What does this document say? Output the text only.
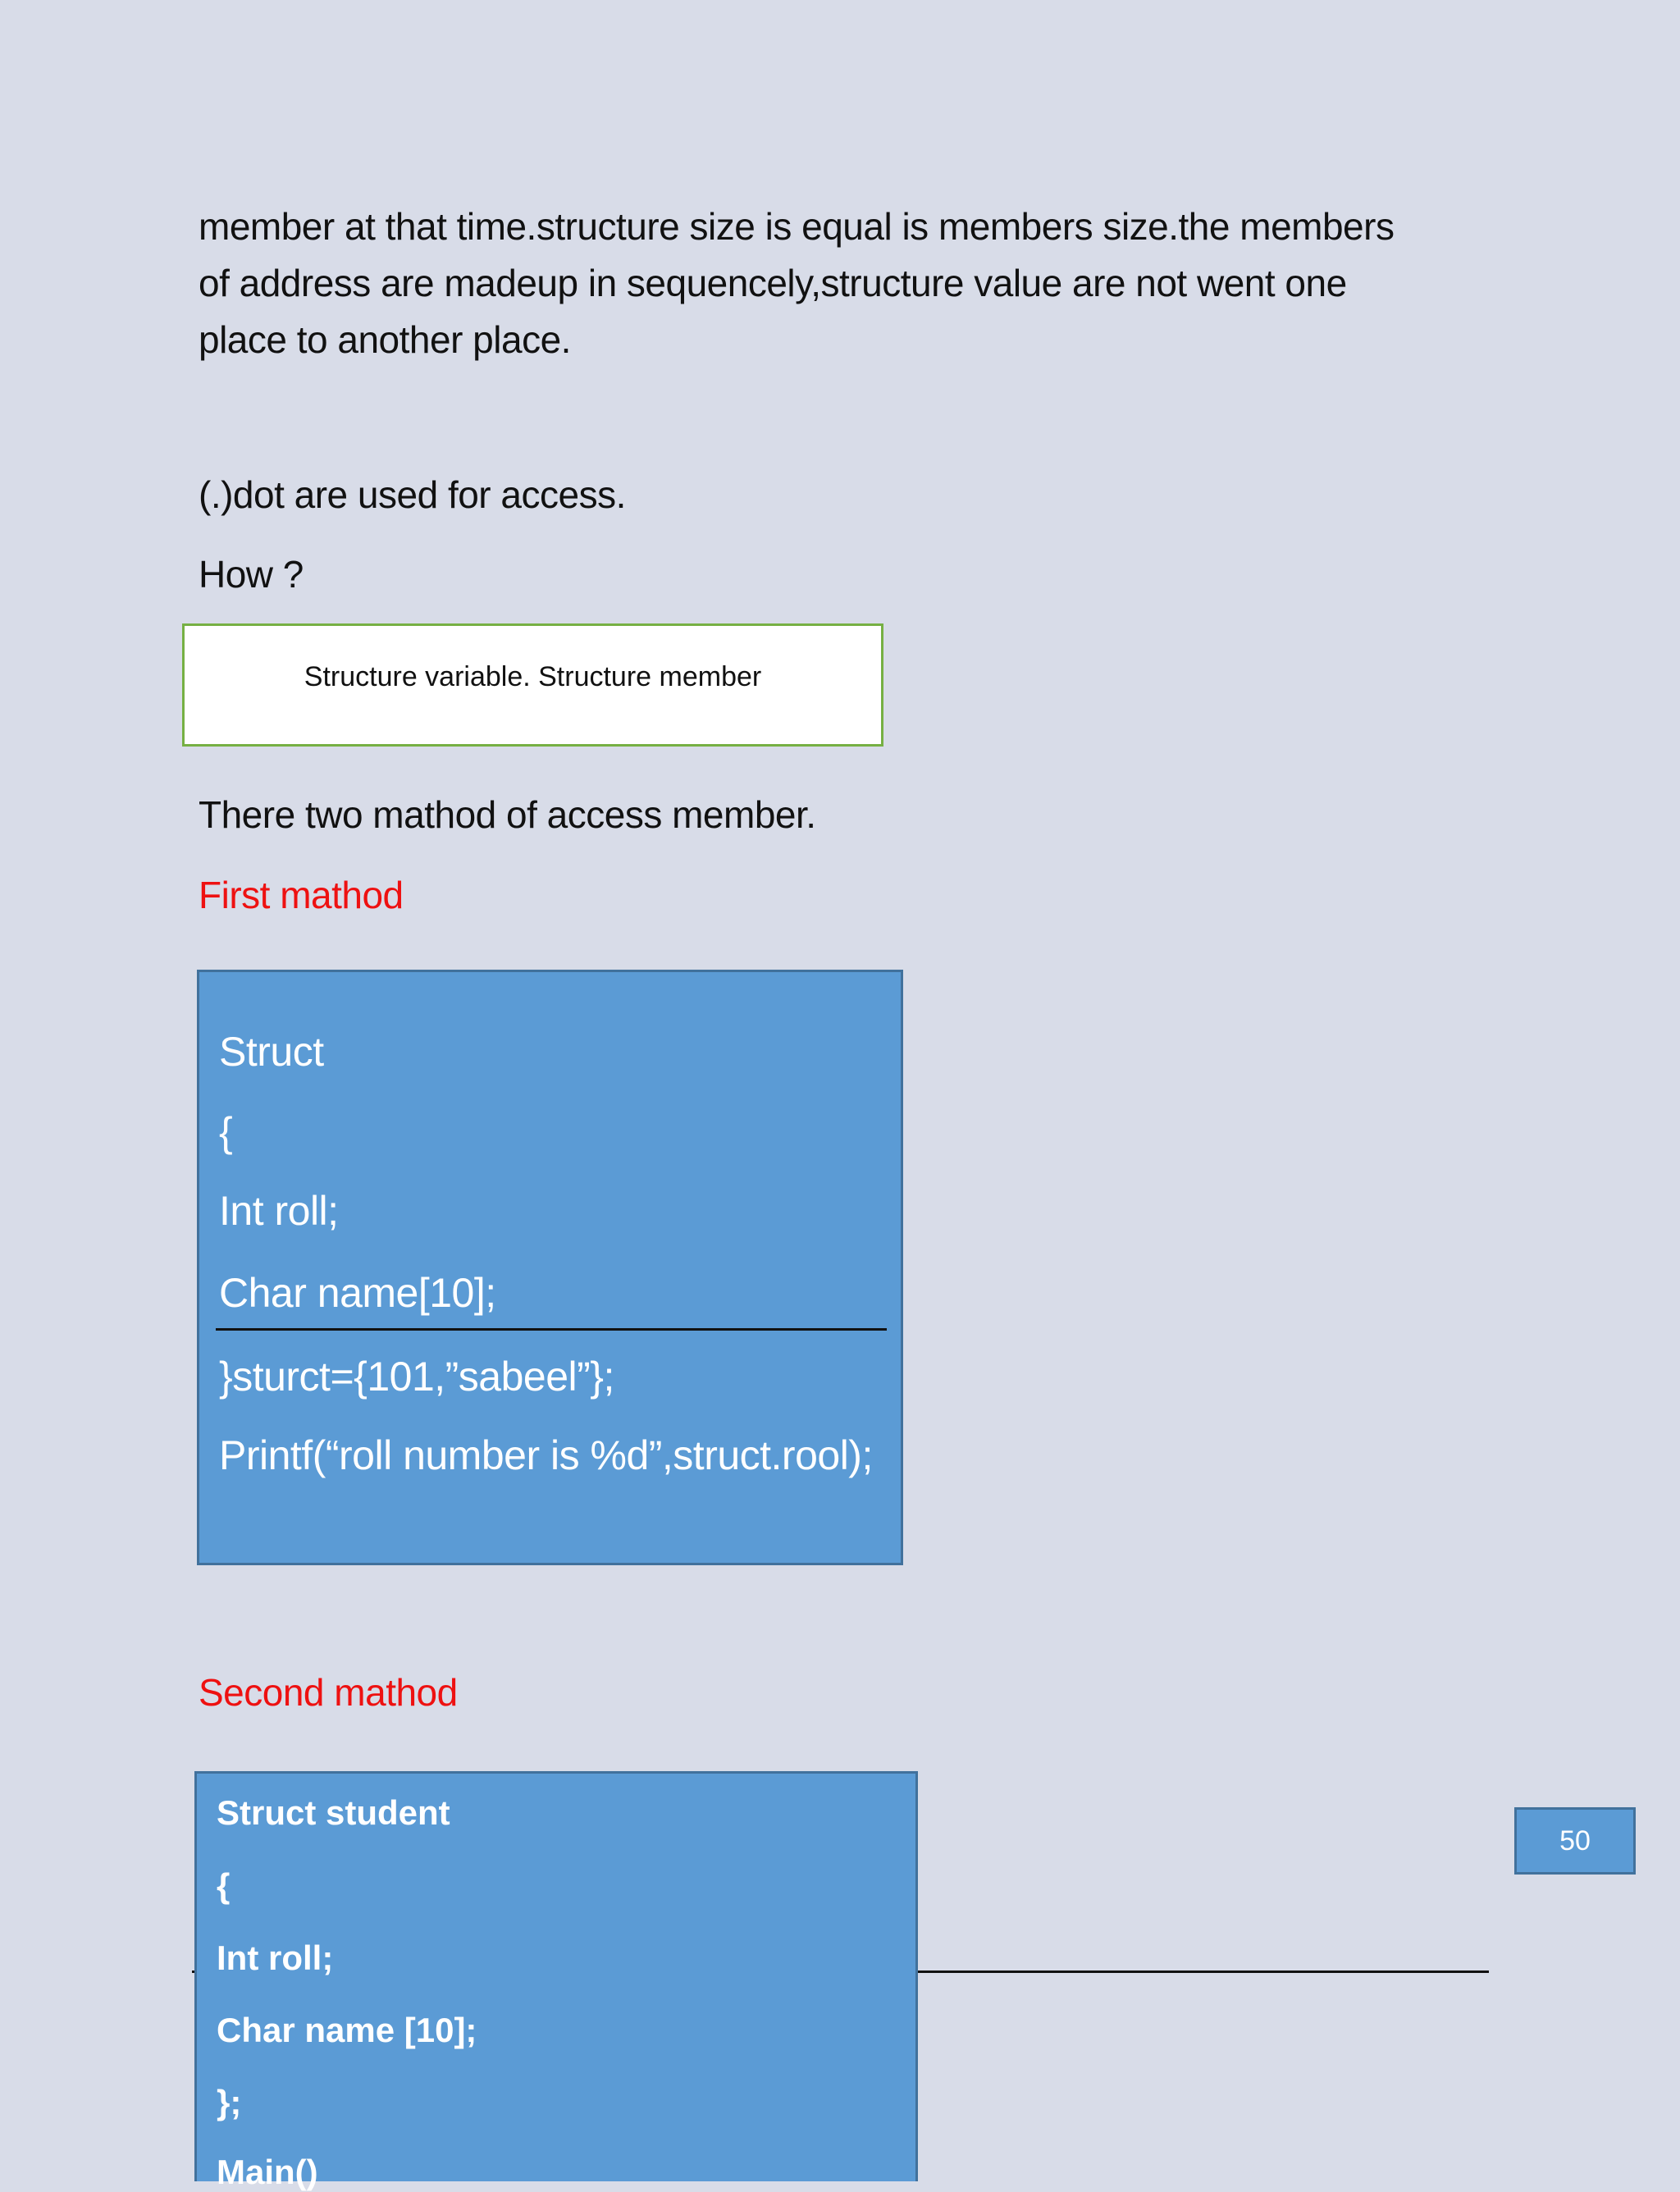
member at that time.structure size is equal is members size.the members
of address are madeup in sequencely,structure value are not went one
place to another place.
(.)dot are used for access.
How ?
Structure variable. Structure member
There two mathod of access member.
First mathod
Struct
{
Int roll;
Char name[10];
}sturct={101,”sabeel”};
Printf(“roll number is %d”,struct.rool);
Second mathod
Struct student
{
Int roll;
Char name [10];
};
Main()
50
